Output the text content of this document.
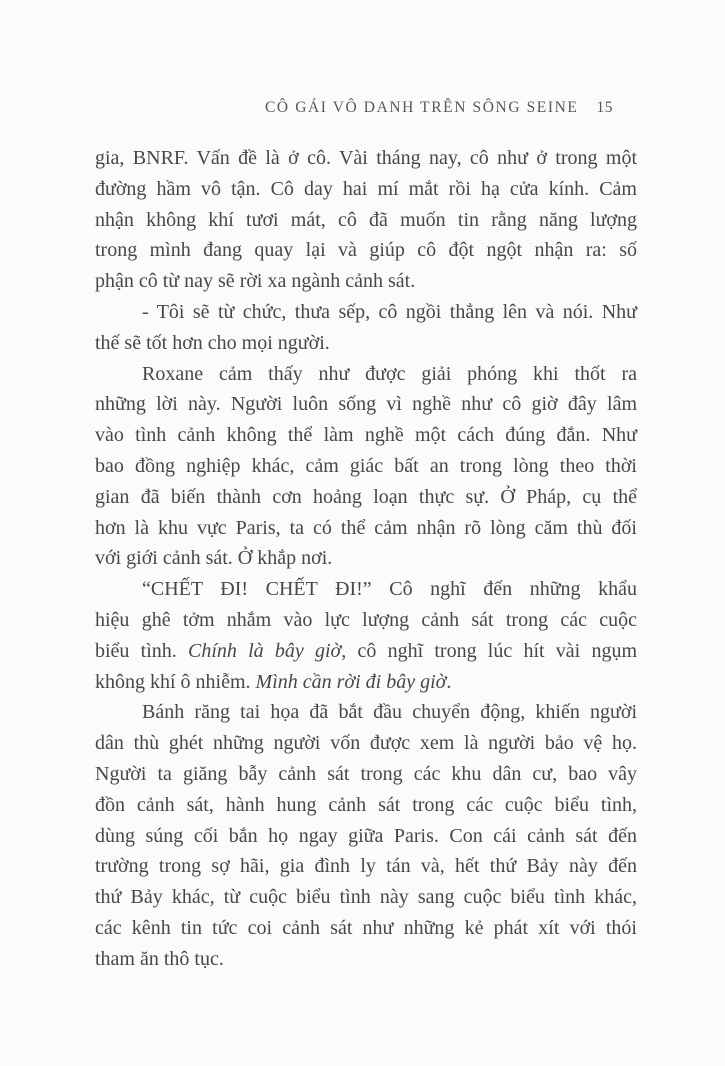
CÔ GÁI VÔ DANH TRÊN SÔNG SEINE 15
gia, BNRF. Vấn đề là ở cô. Vài tháng nay, cô như ở trong một
đường hầm vô tận. Cô day hai mí mắt rồi hạ cửa kính. Cảm
nhận không khí tươi mát, cô đã muốn tin rằng năng lượng
trong mình đang quay lại và giúp cô đột ngột nhận ra: số
phận cô từ nay sẽ rời xa ngành cảnh sát.
- Tôi sẽ từ chức, thưa sếp, cô ngồi thẳng lên và nói. Như
thế sẽ tốt hơn cho mọi người.
Roxane cảm thấy như được giải phóng khi thốt ra
những lời này. Người luôn sống vì nghề như cô giờ đây lâm
vào tình cảnh không thể làm nghề một cách đúng đắn. Như
bao đồng nghiệp khác, cảm giác bất an trong lòng theo thời
gian đã biến thành cơn hoảng loạn thực sự. Ở Pháp, cụ thể
hơn là khu vực Paris, ta có thể cảm nhận rõ lòng căm thù đối
với giới cảnh sát. Ở khắp nơi.
“CHẾT ĐI! CHẾT ĐI!” Cô nghĩ đến những khẩu
hiệu ghê tởm nhắm vào lực lượng cảnh sát trong các cuộc
biểu tình. Chính là bây giờ, cô nghĩ trong lúc hít vài ngụm
không khí ô nhiễm. Mình cần rời đi bây giờ.
Bánh răng tai họa đã bắt đầu chuyển động, khiến người
dân thù ghét những người vốn được xem là người bảo vệ họ.
Người ta giăng bẫy cảnh sát trong các khu dân cư, bao vây
đồn cảnh sát, hành hung cảnh sát trong các cuộc biểu tình,
dùng súng cối bắn họ ngay giữa Paris. Con cái cảnh sát đến
trường trong sợ hãi, gia đình ly tán và, hết thứ Bảy này đến
thứ Bảy khác, từ cuộc biểu tình này sang cuộc biểu tình khác,
các kênh tin tức coi cảnh sát như những kẻ phát xít với thói
tham ăn thô tục.
